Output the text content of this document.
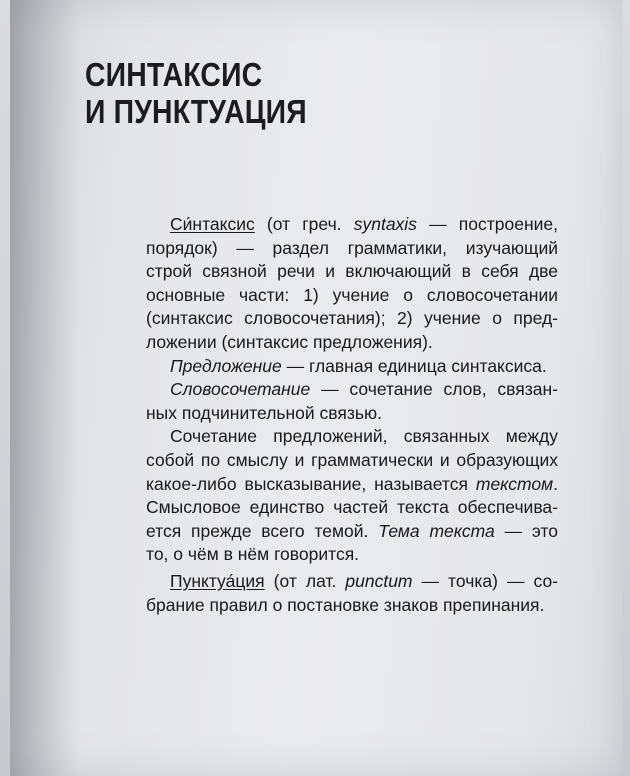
СИНТАКСИС
И ПУНКТУАЦИЯ

Си́нтаксис (от греч. syntaxis — построение,
порядок) — раздел грамматики, изучающий
строй связной речи и включающий в себя две
основные части: 1) учение о словосочетании
(синтаксис словосочетания); 2) учение о пред-
ложении (синтаксис предложения).

Предложение — главная единица синтаксиса.

Словосочетание — сочетание слов, связан-
ных подчинительной связью.

Сочетание предложений, связанных между
собой по смыслу и грамматически и образующих
какое-либо высказывание, называется текстом.
Смысловое единство частей текста обеспечива-
ется прежде всего темой. Тема текста — это
то, о чём в нём говорится.

Пунктуа́ция (от лат. punctum — точка) — со-
брание правил о постановке знаков препинания.
